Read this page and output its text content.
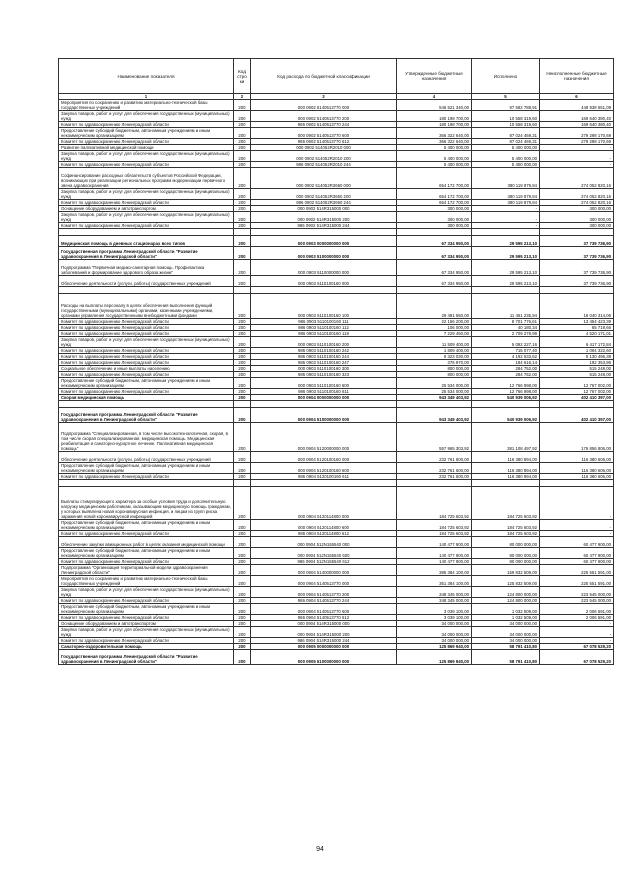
Наименование показателя	Код стро ки	Код расхода по бюджетной классификации	Утвержденные бюджетные назначения	Исполнено	Неисполненные бюджетные назначения
1	2	3	4	5	6
Мероприятия по сохранению и развитию материально-технической базы государственных учреждений	200	000 0902 5140513770 000	546 521 340,00	97 582 788,91	448 938 551,09
Закупка товаров, работ и услуг для обеспечения государственных (муниципальных) нужд	200	000 0902 5140513770 200	180 198 700,00	10 558 319,60	169 640 380,40
Комитет по здравоохранению Ленинградской области	200	986 0902 5140513770 244	180 198 700,00	10 558 319,60	169 640 380,40
Предоставление субсидий бюджетным, автономным учреждениям и иным некоммерческим организациям	200	000 0902 5140513770 600	366 322 640,00	87 024 469,31	279 298 170,69
Комитет по здравоохранению Ленинградской области	200	986 0902 5140513770 612	366 322 640,00	87 024 469,31	279 298 170,69
Развитие паллиативной медицинской помощи	200	000 0902 514052R2010 000	5 400 000,00	5 400 000,00	-
Закупка товаров, работ и услуг для обеспечения государственных (муниципальных) нужд	200	000 0902 514052R2010 200	5 400 000,00	5 400 000,00	-
Комитет по здравоохранению Ленинградской области	200	986 0902 514052R2010 244	5 400 000,00	5 400 000,00	-
Софинансирование расходных обязательств субъектов Российской Федерации, возникающих при реализации региональных программ модернизации первичного звена здравоохранения	200	000 0902 514052R3650 000	654 172 700,00	380 119 879,84	274 052 820,16
Закупка товаров, работ и услуг для обеспечения государственных (муниципальных) нужд	200	000 0902 514052R3650 200	654 172 700,00	380 119 879,84	274 052 820,16
Комитет по здравоохранению Ленинградской области	200	986 0902 514052R3650 244	654 172 700,00	380 119 879,84	274 052 820,16
Оснащение оборудованием и автотранспортом	200	000 0902 514R315000 000	300 000,00	-	300 000,00
Закупка товаров, работ и услуг для обеспечения государственных (муниципальных) нужд	200	000 0902 514R315000 200	300 000,00	-	300 000,00
Комитет по здравоохранению Ленинградской области	200	986 0902 514R315000 244	300 000,00	-	300 000,00

Медицинская помощь в дневных стационарах всех типов	200	000 0903 0000000000 000	67 334 950,00	29 595 213,10	37 739 736,90
Государственная программа Ленинградской области "Развитие здравоохранения в Ленинградской области"	200	000 0903 5100000000 000	67 334 950,00	29 595 213,10	37 739 736,90
Подпрограмма "Первичная медико-санитарная помощь. Профилактика заболеваний и формирование здорового образа жизни"	200	000 0903 5110000000 000	67 334 950,00	29 595 213,10	37 739 736,90
Обеспечение деятельности (услуги, работы) государственных учреждений	200	000 0903 5110100160 000	67 334 950,00	29 595 213,10	37 739 736,90

Расходы на выплаты персоналу в целях обеспечения выполнения функций государственными (муниципальными) органами, казенными учреждениями, органами управления государственными внебюджетными фондами	200	000 0903 5110100160 100	29 491 550,00	11 451 235,94	18 040 314,06
Комитет по здравоохранению Ленинградской области	200	986 0903 5110100160 111	22 156 200,00	8 701 776,61	13 454 423,39
Комитет по здравоохранению Ленинградской области	200	986 0903 5110100160 112	106 000,00	40 180,34	65 719,66
Комитет по здравоохранению Ленинградской области	200	986 0903 5110100160 119	7 229 450,00	2 709 278,99	4 520 171,01
Закупка товаров, работ и услуг для обеспечения государственных (муниципальных) нужд	200	000 0903 5110100160 200	11 509 400,00	5 092 227,16	6 417 172,84
Комитет по здравоохранению Ленинградской области	200	986 0903 5110100160 242	1 809 400,00	715 077,40	1 094 322,60
Комитет по здравоохранению Ленинградской области	200	986 0903 5110100160 244	9 323 030,00	4 192 533,62	5 130 496,38
Комитет по здравоохранению Ленинградской области	200	986 0903 5110100160 247	376 970,00	184 616,14	192 353,86
Социальное обеспечение и иные выплаты населению	200	000 0903 5110100160 300	800 000,00	284 752,00	515 248,00
Комитет по здравоохранению Ленинградской области	200	986 0903 5110100160 323	800 000,00	284 752,00	515 248,00
Предоставление субсидий бюджетным, автономным учреждениям и иным некоммерческим организациям	200	000 0903 5110100160 600	25 534 000,00	12 766 998,00	12 767 002,00
Комитет по здравоохранению Ленинградской области	200	986 0903 5110100160 611	25 534 000,00	12 766 998,00	12 767 002,00
Скорая медицинская помощь	200	000 0904 0000000000 000	943 349 403,92	540 939 006,92	402 410 397,00

Государственная программа Ленинградской области "Развитие здравоохранения в Ленинградской области"	200	000 0904 5100000000 000	943 349 403,92	540 939 006,92	402 410 397,00
Подпрограмма "Специализированная, в том числе высокотехнологичная, скорая, в том числе скорая специализированная, медицинская помощь. Медицинская реабилитация и санаторно-курортное лечение. Паллиативная медицинская помощь"	200	000 0904 5120000000 000	557 965 303,92	381 108 497,92	176 856 806,00
Обеспечение деятельности (услуги, работы) государственных учреждений	200	000 0904 5120100160 000	232 761 600,00	116 380 894,00	116 380 606,00
Предоставление субсидий бюджетным, автономным учреждениям и иным некоммерческим организациям	200	000 0904 5120100160 600	232 761 600,00	116 380 894,00	116 380 606,00
Комитет по здравоохранению Ленинградской области	200	986 0904 5120100160 611	232 761 600,00	116 380 894,00	116 380 606,00

Выплаты стимулирующего характера за особые условия труда и дополнительную нагрузку медицинским работникам, оказывающим медицинскую помощь гражданам, у которых выявлена новая коронавирусная инфекция, и лицам из групп риска заражения новой коронавирусной инфекцией	200	000 0904 5120114800 000	184 725 603,92	184 725 603,92	-
Предоставление субсидий бюджетным, автономным учреждениям и иным некоммерческим организациям	200	000 0904 5120114800 600	184 725 603,92	184 725 603,92	-
Комитет по здравоохранению Ленинградской области	200	986 0904 5120114800 612	184 725 603,92	184 725 603,92	-
Обеспечение закупки авиационных работ в целях оказания медицинской помощи	200	000 0904 512N155540 000	140 477 900,00	80 000 000,00	60 477 900,00
Предоставление субсидий бюджетным, автономным учреждениям и иным некоммерческим организациям	200	000 0904 512N155540 600	140 477 900,00	80 000 000,00	60 477 900,00
Комитет по здравоохранению Ленинградской области	200	986 0904 512N155540 612	140 477 900,00	80 000 000,00	60 477 900,00
Подпрограмма "Организация территориальной модели здравоохранения Ленинградской области"	200	000 0904 5140000000 000	385 384 100,00	159 832 509,00	225 551 591,00
Мероприятия по сохранению и развитию материально-технической базы государственных учреждений	200	000 0904 5140513770 000	351 384 100,00	125 832 509,00	225 551 591,00
Закупка товаров, работ и услуг для обеспечения государственных (муниципальных) нужд	200	000 0904 5140513770 200	348 345 000,00	124 800 000,00	223 545 000,00
Комитет по здравоохранению Ленинградской области	200	986 0904 5140513770 244	348 345 000,00	124 800 000,00	223 545 000,00
Предоставление субсидий бюджетным, автономным учреждениям и иным некоммерческим организациям	200	000 0904 5140513770 600	3 039 100,00	1 032 509,00	2 006 591,00
Комитет по здравоохранению Ленинградской области	200	986 0904 5140513770 612	3 039 100,00	1 032 509,00	2 006 591,00
Оснащение оборудованием и автотранспортом	200	000 0904 514R315000 000	34 000 000,00	34 000 000,00	-
Закупка товаров, работ и услуг для обеспечения государственных (муниципальных) нужд	200	000 0904 514R315000 200	34 000 000,00	34 000 000,00	-
Комитет по здравоохранению Ленинградской области	200	986 0904 514R315000 244	34 000 000,00	34 000 000,00	-
Санаторно-оздоровительная помощь	200	000 0905 0000000000 000	125 869 940,00	58 791 410,80	67 078 529,20
Государственная программа Ленинградской области "Развитие здравоохранения в Ленинградской области"	200	000 0905 5100000000 000	125 869 940,00	58 791 410,80	67 078 529,20
94
